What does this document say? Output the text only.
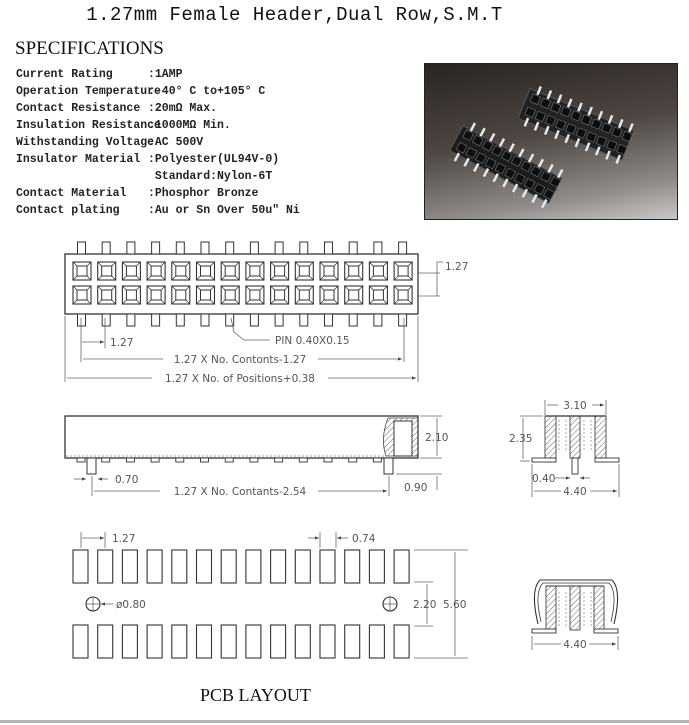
1.27mm Female Header,Dual Row,S.M.T
SPECIFICATIONS
Current Rating	:1AMP
Operation Temperature:-40° C to+105° C
Contact Resistance :20mΩ Max.
Insulation Resistance:1000MΩ Min.
Withstanding Voltage:AC 500V
Insulator Material :Polyester(UL94V-0)
Standard:Nylon-6T
Contact Material :Phosphor Bronze
Contact plating :Au or Sn Over 50u" Ni
1.27
1.27	PIN 0.40X0.15
1.27 X No. Contonts-1.27
1.27 X No. of Positions+0.38
2.10
0.70
1.27 X No. Contants-2.54	0.90
3.10
2.35
0.40
4.40
1.27	0.74
ø0.80	2.20 5.60
4.40
PCB LAYOUT
